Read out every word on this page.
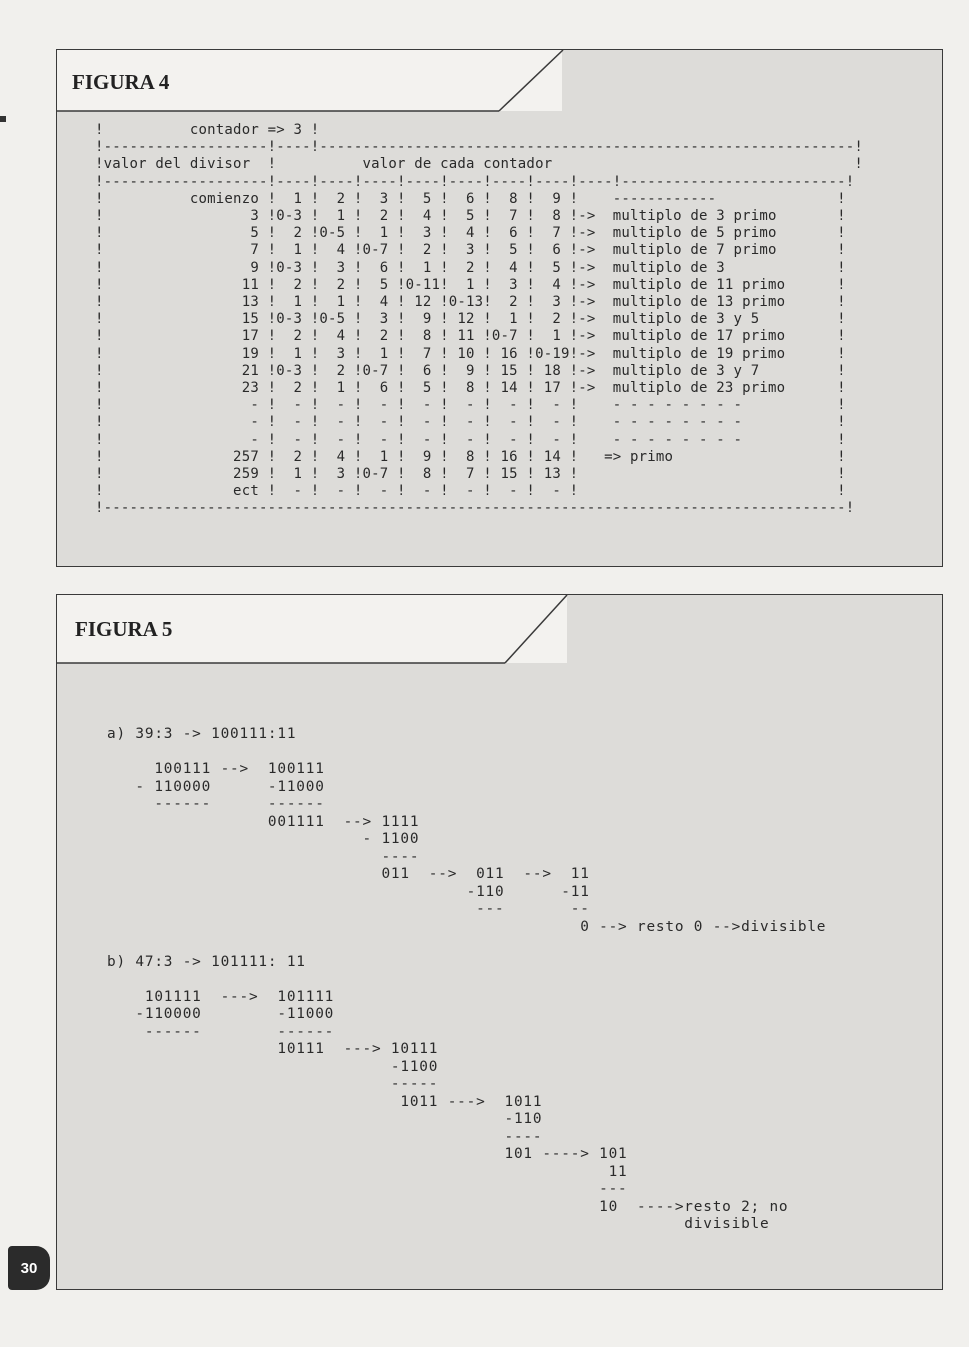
FIGURA 4
!          contador => 3 !
!-------------------!----!--------------------------------------------------------------!
!valor del divisor  !          valor de cada contador                                   !
!-------------------!----!----!----!----!----!----!----!----!--------------------------!
!          comienzo !  1 !  2 !  3 !  5 !  6 !  8 !  9 !    ------------              !
!                 3 !0-3 !  1 !  2 !  4 !  5 !  7 !  8 !->  multiplo de 3 primo       !
!                 5 !  2 !0-5 !  1 !  3 !  4 !  6 !  7 !->  multiplo de 5 primo       !
!                 7 !  1 !  4 !0-7 !  2 !  3 !  5 !  6 !->  multiplo de 7 primo       !
!                 9 !0-3 !  3 !  6 !  1 !  2 !  4 !  5 !->  multiplo de 3             !
!                11 !  2 !  2 !  5 !0-11!  1 !  3 !  4 !->  multiplo de 11 primo      !
!                13 !  1 !  1 !  4 ! 12 !0-13!  2 !  3 !->  multiplo de 13 primo      !
!                15 !0-3 !0-5 !  3 !  9 ! 12 !  1 !  2 !->  multiplo de 3 y 5         !
!                17 !  2 !  4 !  2 !  8 ! 11 !0-7 !  1 !->  multiplo de 17 primo      !
!                19 !  1 !  3 !  1 !  7 ! 10 ! 16 !0-19!->  multiplo de 19 primo      !
!                21 !0-3 !  2 !0-7 !  6 !  9 ! 15 ! 18 !->  multiplo de 3 y 7         !
!                23 !  2 !  1 !  6 !  5 !  8 ! 14 ! 17 !->  multiplo de 23 primo      !
!                 - !  - !  - !  - !  - !  - !  - !  - !    - - - - - - - -           !
!                 - !  - !  - !  - !  - !  - !  - !  - !    - - - - - - - -           !
!                 - !  - !  - !  - !  - !  - !  - !  - !    - - - - - - - -           !
!               257 !  2 !  4 !  1 !  9 !  8 ! 16 ! 14 !   => primo                   !
!               259 !  1 !  3 !0-7 !  8 !  7 ! 15 ! 13 !                              !
!               ect !  - !  - !  - !  - !  - !  - !  - !                              !
!--------------------------------------------------------------------------------------!

FIGURA 5
a) 39:3 -> 100111:11

100111 -->  100111
- 110000      -11000
------      ------
001111  --> 1111
- 1100
----
011  -->  011  -->  11
-110      -11
---       --
0 --> resto 0 -->divisible

b) 47:3 -> 101111: 11

101111  --->  101111
-110000        -11000
------        ------
10111  ---> 10111
-1100
-----
1011 --->  1011
-110
----
101 ----> 101
11
---
10  ---->resto 2; no
divisible

30
